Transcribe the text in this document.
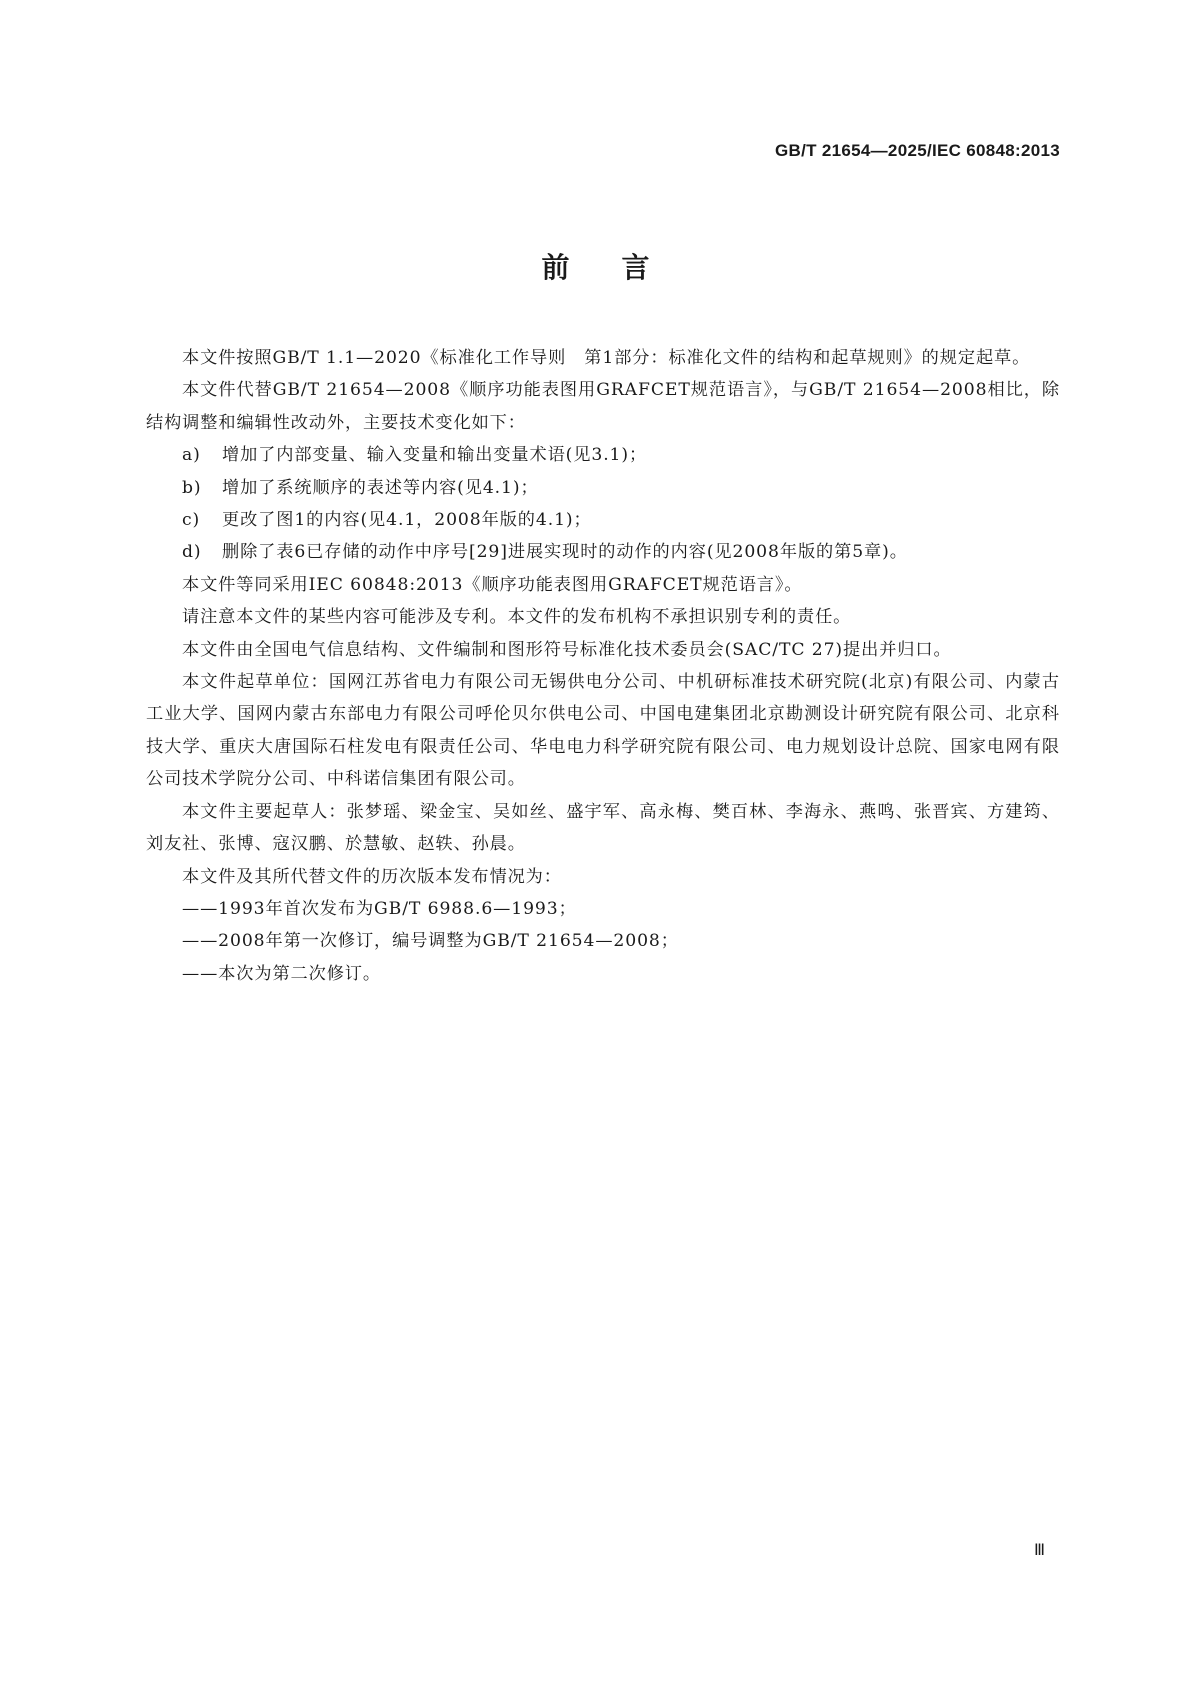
GB/T 21654—2025/IEC 60848:2013
前言

本文件按照GB/T 1.1—2020《标准化工作导则　第1部分：标准化文件的结构和起草规则》的规定起草。

本文件代替GB/T 21654—2008《顺序功能表图用GRAFCET规范语言》，与GB/T 21654—2008相比，除结构调整和编辑性改动外，主要技术变化如下：

a)	增加了内部变量、输入变量和输出变量术语(见3.1)；
b)	增加了系统顺序的表述等内容(见4.1)；
c)	更改了图1的内容(见4.1，2008年版的4.1)；
d)	删除了表6已存储的动作中序号[29]进展实现时的动作的内容(见2008年版的第5章)。

本文件等同采用IEC 60848:2013《顺序功能表图用GRAFCET规范语言》。

请注意本文件的某些内容可能涉及专利。本文件的发布机构不承担识别专利的责任。

本文件由全国电气信息结构、文件编制和图形符号标准化技术委员会(SAC/TC 27)提出并归口。

本文件起草单位：国网江苏省电力有限公司无锡供电分公司、中机研标准技术研究院(北京)有限公司、内蒙古工业大学、国网内蒙古东部电力有限公司呼伦贝尔供电公司、中国电建集团北京勘测设计研究院有限公司、北京科技大学、重庆大唐国际石柱发电有限责任公司、华电电力科学研究院有限公司、电力规划设计总院、国家电网有限公司技术学院分公司、中科诺信集团有限公司。

本文件主要起草人：张梦瑶、梁金宝、吴如丝、盛宇军、高永梅、樊百林、李海永、燕鸣、张晋宾、方建筠、刘友社、张博、寇汉鹏、於慧敏、赵轶、孙晨。

本文件及其所代替文件的历次版本发布情况为：

——1993年首次发布为GB/T 6988.6—1993；
——2008年第一次修订，编号调整为GB/T 21654—2008；
——本次为第二次修订。
Ⅲ
